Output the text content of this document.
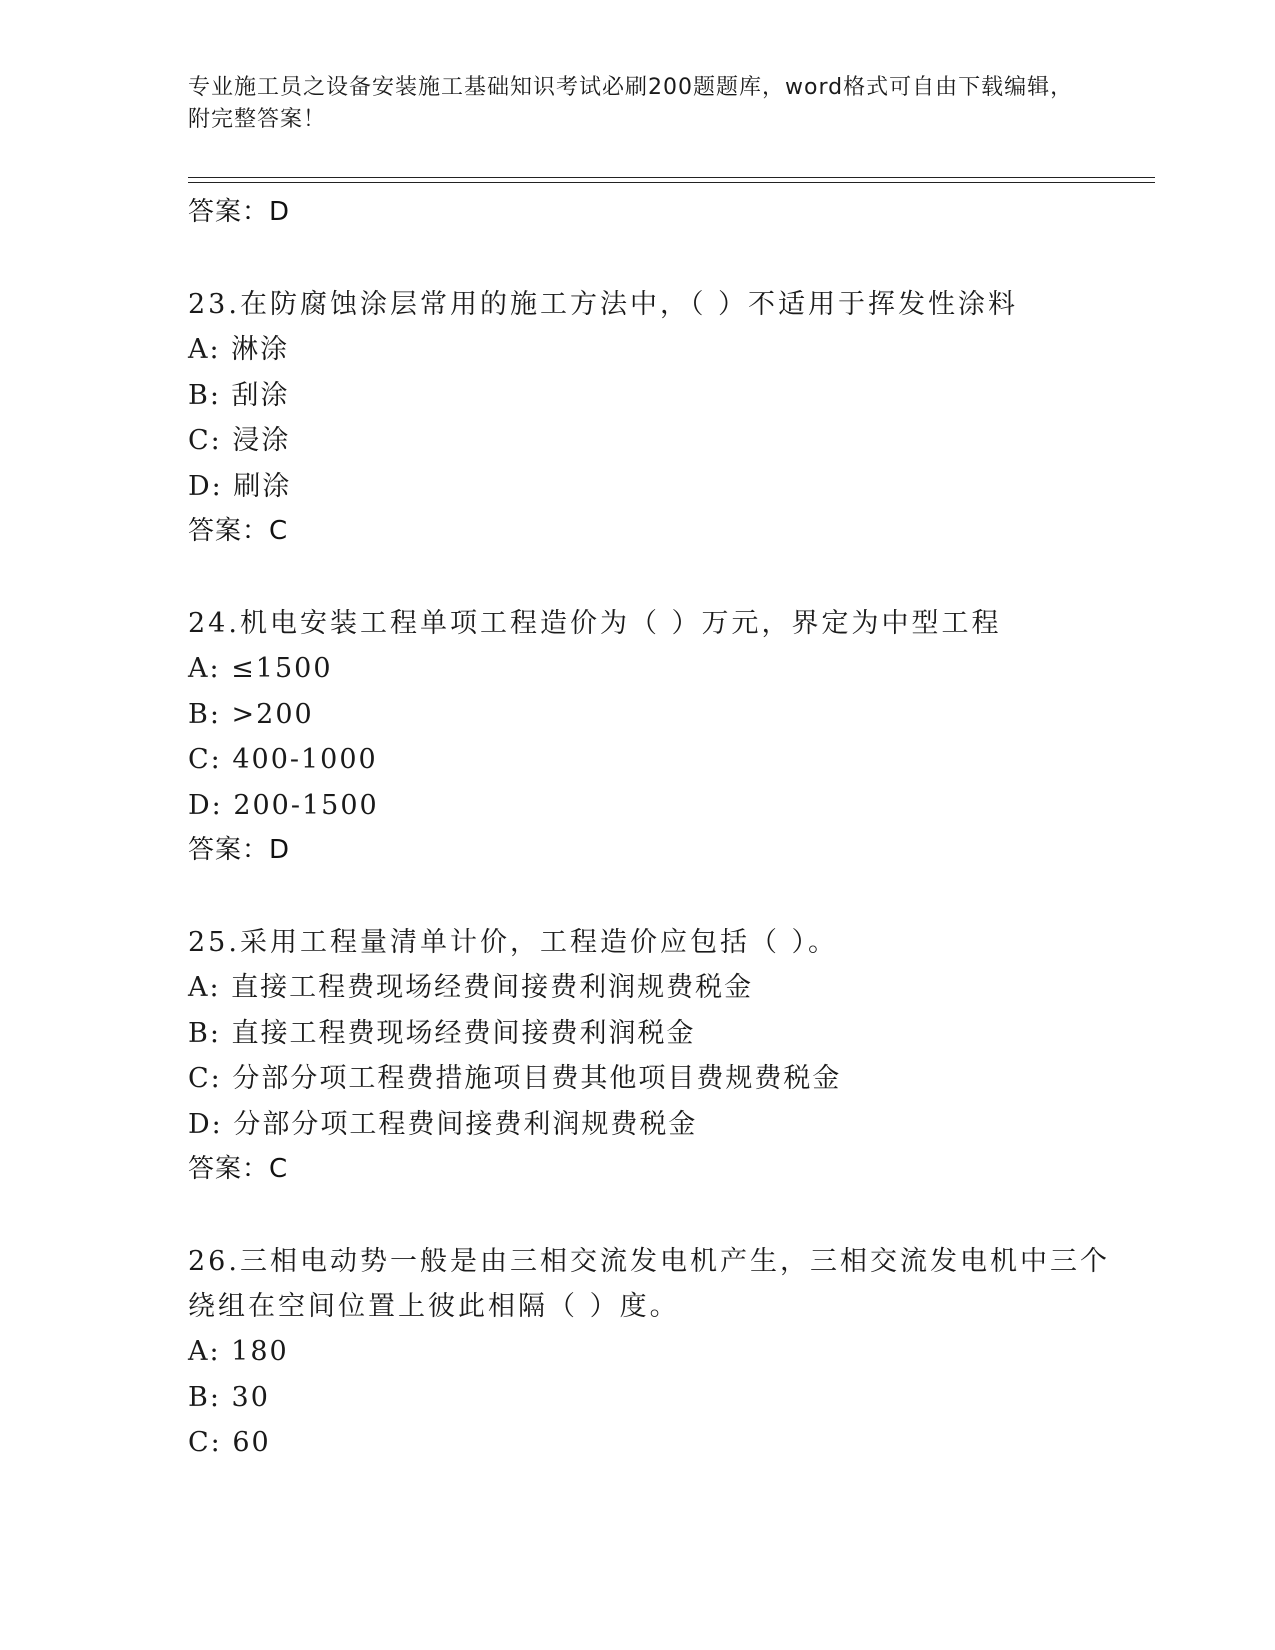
专业施工员之设备安装施工基础知识考试必刷200题题库，word格式可自由下载编辑，附完整答案！
答案：D
23.在防腐蚀涂层常用的施工方法中，（ ）不适用于挥发性涂料
A: 淋涂
B: 刮涂
C: 浸涂
D: 刷涂
答案：C
24.机电安装工程单项工程造价为（ ）万元，界定为中型工程
A: ≤1500
B: >200
C: 400-1000
D: 200-1500
答案：D
25.采用工程量清单计价，工程造价应包括（ ）。
A: 直接工程费现场经费间接费利润规费税金
B: 直接工程费现场经费间接费利润税金
C: 分部分项工程费措施项目费其他项目费规费税金
D: 分部分项工程费间接费利润规费税金
答案：C
26.三相电动势一般是由三相交流发电机产生，三相交流发电机中三个
绕组在空间位置上彼此相隔（ ）度。
A: 180
B: 30
C: 60
